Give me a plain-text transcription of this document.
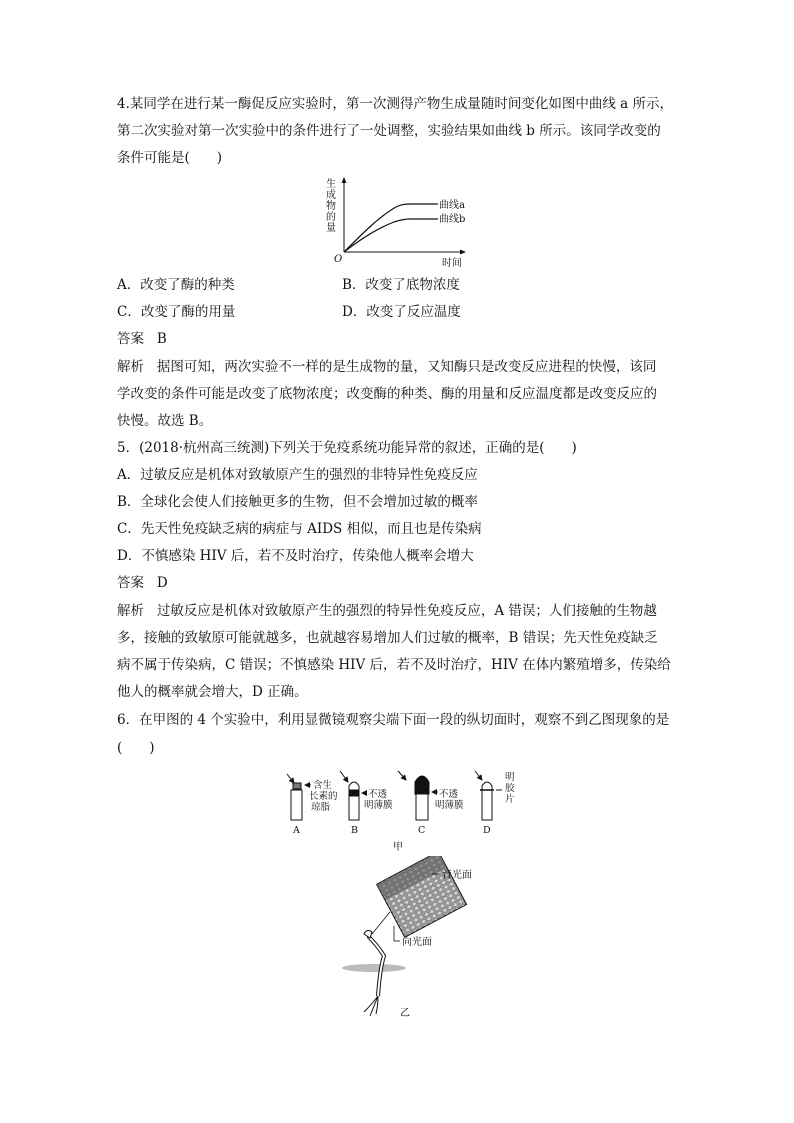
4.某同学在进行某一酶促反应实验时，第一次测得产物生成量随时间变化如图中曲线 a 所示，
第二次实验对第一次实验中的条件进行了一处调整，实验结果如曲线 b 所示。该同学改变的
条件可能是(　　)
生
成
物
的
量
O	时间
曲线a
曲线b
A．改变了酶的种类	B．改变了底物浓度
C．改变了酶的用量	D．改变了反应温度
答案 B
解析 据图可知，两次实验不一样的是生成物的量，又知酶只是改变反应进程的快慢，该同
学改变的条件可能是改变了底物浓度；改变酶的种类、酶的用量和反应温度都是改变反应的
快慢。故选 B。
5．(2018·杭州高三统测)下列关于免疫系统功能异常的叙述，正确的是(　　)
A．过敏反应是机体对致敏原产生的强烈的非特异性免疫反应
B．全球化会使人们接触更多的生物，但不会增加过敏的概率
C．先天性免疫缺乏病的病症与 AIDS 相似，而且也是传染病
D．不慎感染 HIV 后，若不及时治疗，传染他人概率会增大
答案 D
解析 过敏反应是机体对致敏原产生的强烈的特异性免疫反应，A 错误；人们接触的生物越
多，接触的致敏原可能就越多，也就越容易增加人们过敏的概率，B 错误；先天性免疫缺乏
病不属于传染病，C 错误；不慎感染 HIV 后，若不及时治疗，HIV 在体内繁殖增多，传染给
他人的概率就会增大，D 正确。
6．在甲图的 4 个实验中，利用显微镜观察尖端下面一段的纵切面时，观察不到乙图现象的是
(　　)
含生
长素的
琼脂
不透
明薄膜
不透
明薄膜
明
胶
片
A	B	C	D
甲
背光面
向光面
乙
